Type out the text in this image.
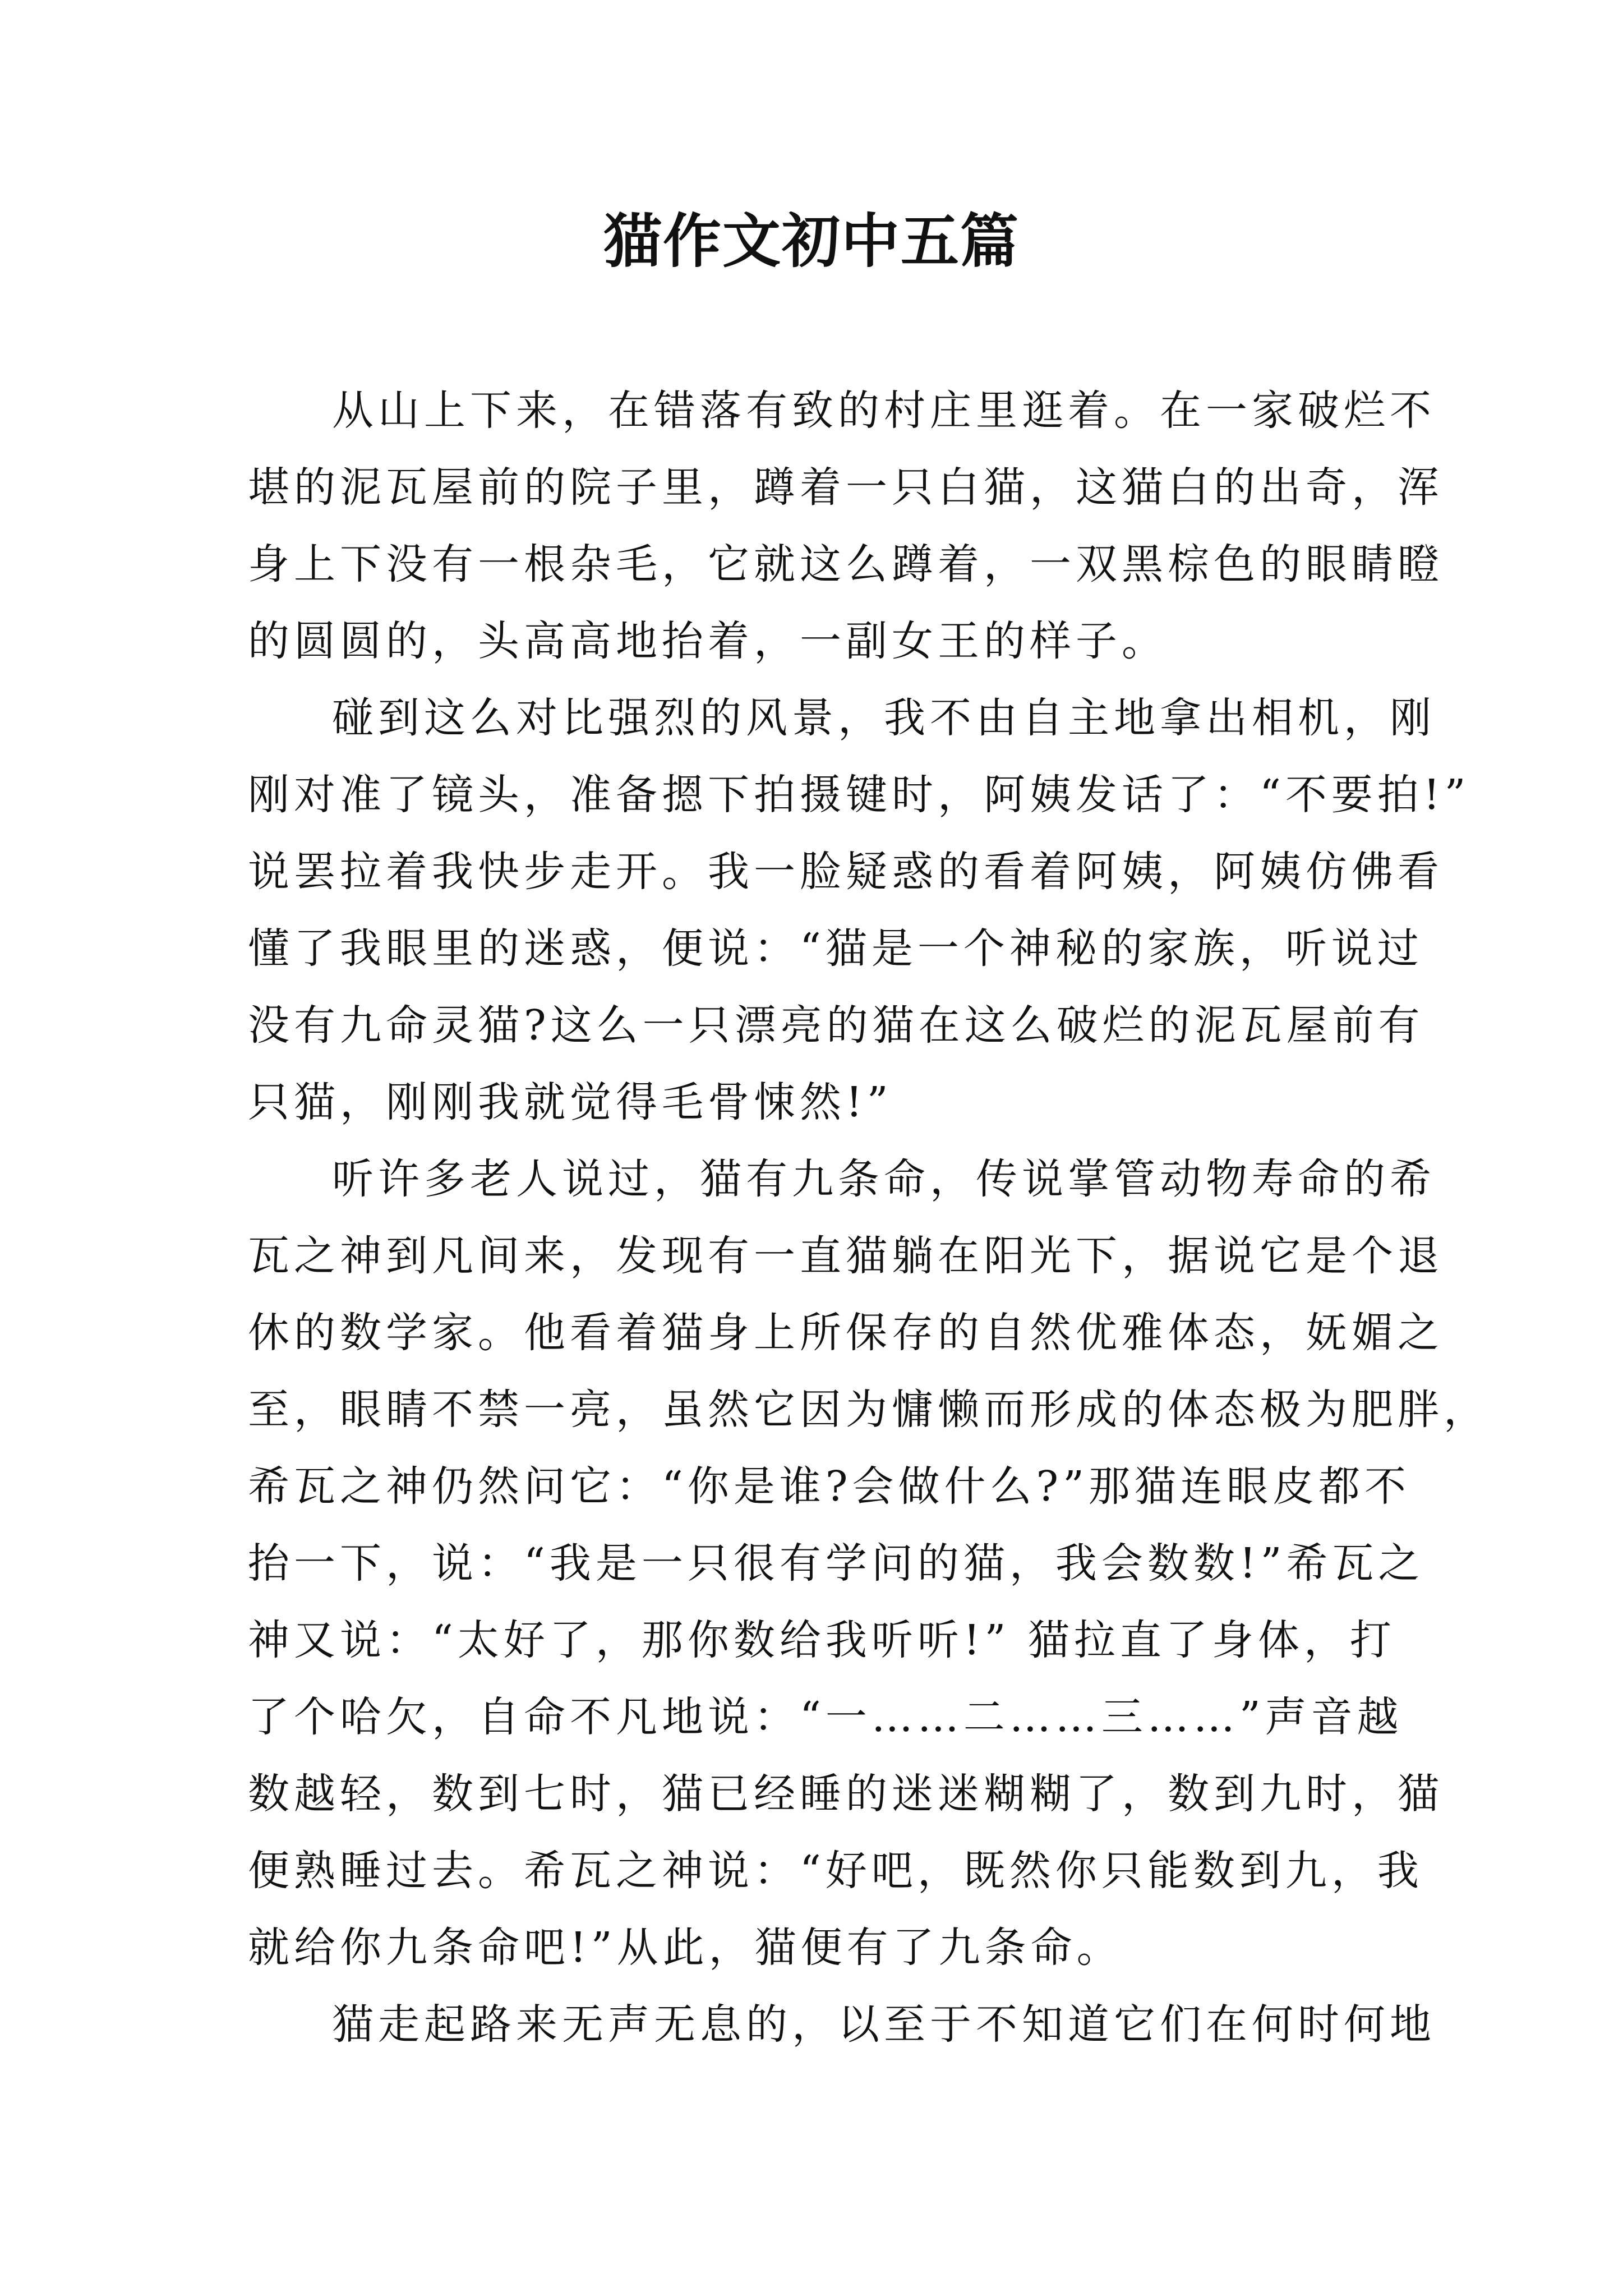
猫作文初中五篇
从山上下来，在错落有致的村庄里逛着。在一家破烂不
堪的泥瓦屋前的院子里，蹲着一只白猫，这猫白的出奇，浑
身上下没有一根杂毛，它就这么蹲着，一双黑棕色的眼睛瞪
的圆圆的，头高高地抬着，一副女王的样子。
碰到这么对比强烈的风景，我不由自主地拿出相机，刚
刚对准了镜头，准备摁下拍摄键时，阿姨发话了：“不要拍!”
说罢拉着我快步走开。我一脸疑惑的看着阿姨，阿姨仿佛看
懂了我眼里的迷惑，便说：“猫是一个神秘的家族，听说过
没有九命灵猫?这么一只漂亮的猫在这么破烂的泥瓦屋前有
只猫，刚刚我就觉得毛骨悚然!”
听许多老人说过，猫有九条命，传说掌管动物寿命的希
瓦之神到凡间来，发现有一直猫躺在阳光下，据说它是个退
休的数学家。他看着猫身上所保存的自然优雅体态，妩媚之
至，眼睛不禁一亮，虽然它因为慵懒而形成的体态极为肥胖，
希瓦之神仍然问它：“你是谁?会做什么?”那猫连眼皮都不
抬一下，说：“我是一只很有学问的猫，我会数数!”希瓦之
神又说：“太好了，那你数给我听听!” 猫拉直了身体，打
了个哈欠，自命不凡地说：“一……二……三……”声音越
数越轻，数到七时，猫已经睡的迷迷糊糊了，数到九时，猫
便熟睡过去。希瓦之神说：“好吧，既然你只能数到九，我
就给你九条命吧!”从此，猫便有了九条命。
猫走起路来无声无息的，以至于不知道它们在何时何地
